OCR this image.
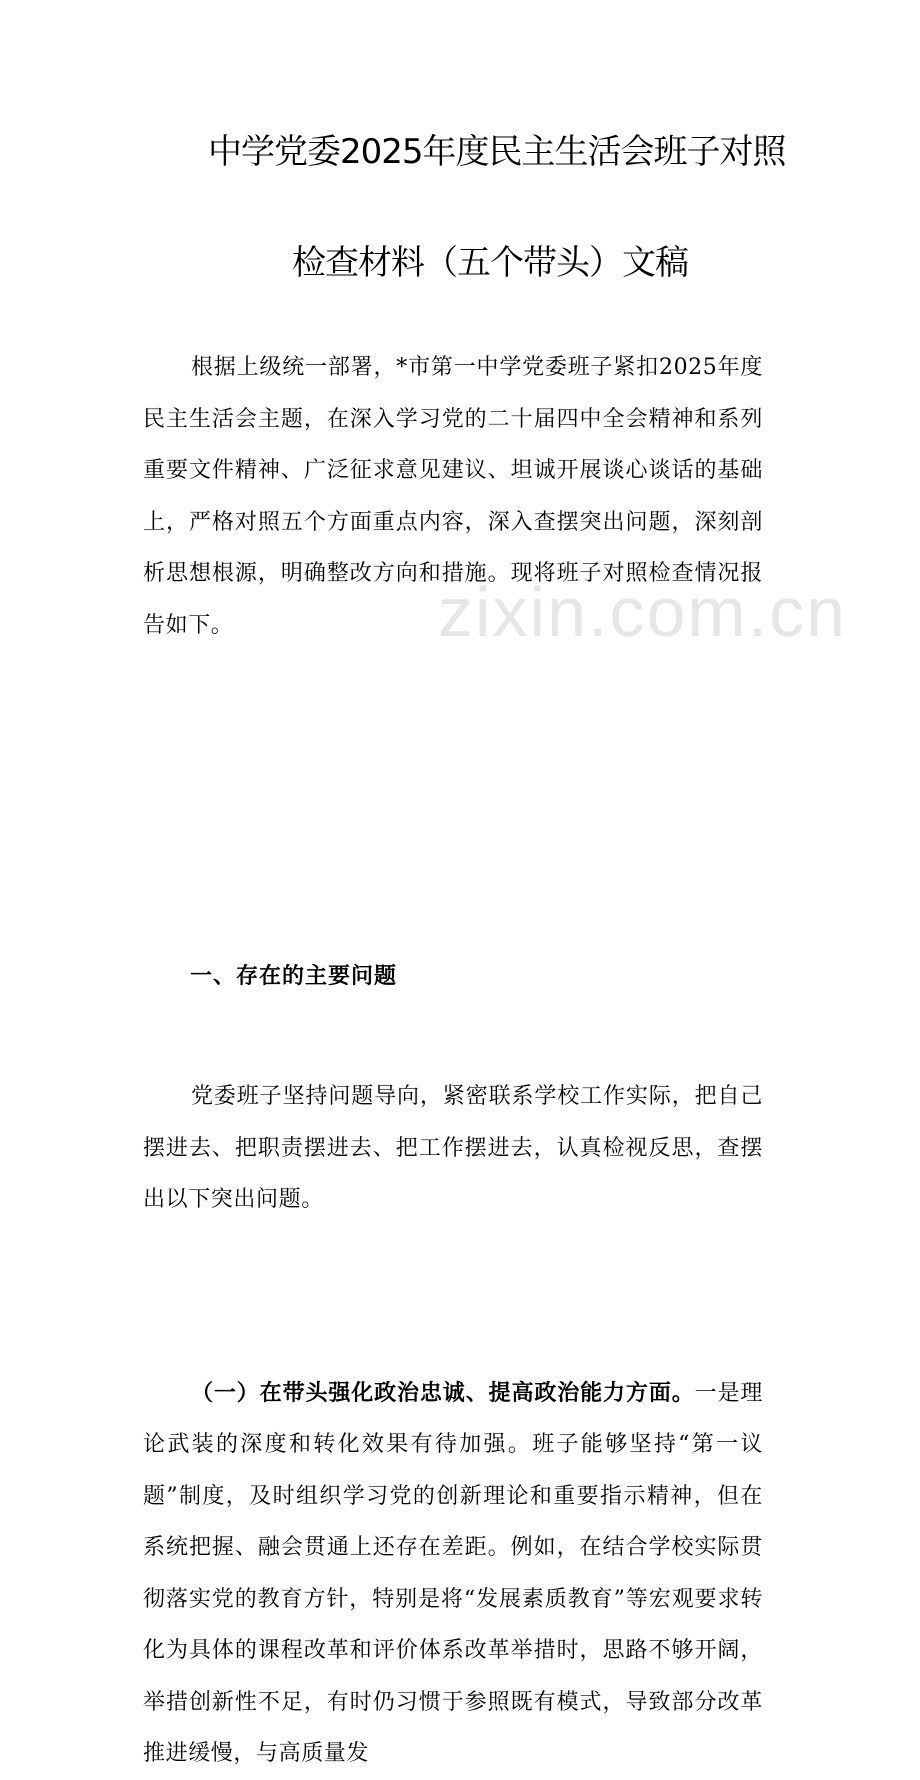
zixin.com.cn
中学党委2025年度民主生活会班子对照
检查材料（五个带头）文稿

根据上级统一部署，*市第一中学党委班子紧扣2025年度民主生活会主题，在深入学习党的二十届四中全会精神和系列重要文件精神、广泛征求意见建议、坦诚开展谈心谈话的基础上，严格对照五个方面重点内容，深入查摆突出问题，深刻剖析思想根源，明确整改方向和措施。现将班子对照检查情况报告如下。

一、存在的主要问题

党委班子坚持问题导向，紧密联系学校工作实际，把自己摆进去、把职责摆进去、把工作摆进去，认真检视反思，查摆出以下突出问题。

（一）在带头强化政治忠诚、提高政治能力方面。一是理论武装的深度和转化效果有待加强。班子能够坚持“第一议题”制度，及时组织学习党的创新理论和重要指示精神，但在系统把握、融会贯通上还存在差距。例如，在结合学校实际贯彻落实党的教育方针，特别是将“发展素质教育”等宏观要求转化为具体的课程改革和评价体系改革举措时，思路不够开阔，举措创新性不足，有时仍习惯于参照既有模式，导致部分改革推进缓慢，与高质量发
